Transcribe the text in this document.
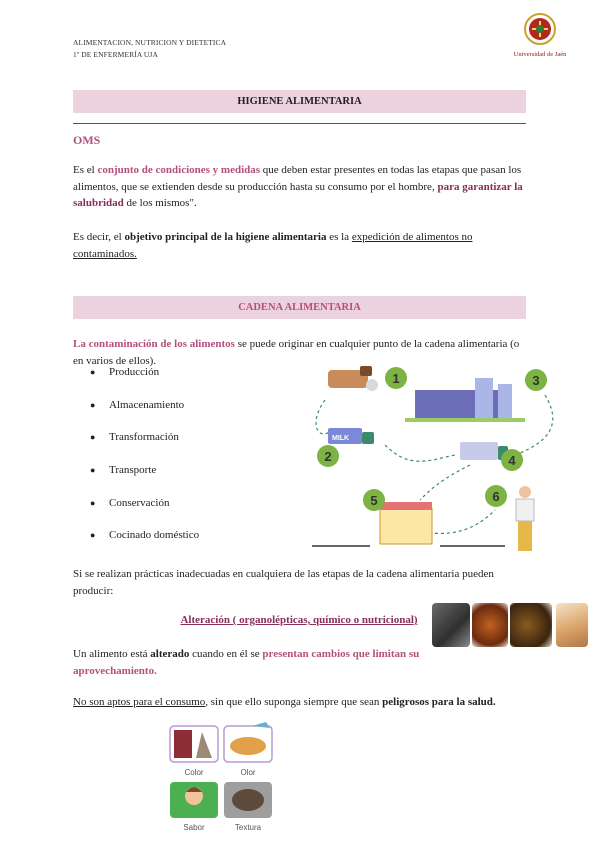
ALIMENTACION, NUTRICION Y DIETETICA
1º DE ENFERMERÍA UJA	Universidad de Jaén
HIGIENE ALIMENTARIA
OMS
Es el conjunto de condiciones y medidas que deben estar presentes en todas las etapas que pasan los alimentos, que se extienden desde su producción hasta su consumo por el hombre, para garantizar la salubridad de los mismos".
Es decir, el objetivo principal de la higiene alimentaria es la expedición de alimentos no contaminados.
CADENA ALIMENTARIA
La contaminación de los alimentos se puede originar en cualquier punto de la cadena alimentaria (o en varios de ellos).
●	Producción
●	Almacenamiento
●	Transformación
●	Transporte
●	Conservación
●	Cocinado doméstico
MILK
1	3
2	4
5	6
Si se realizan prácticas inadecuadas en cualquiera de las etapas de la cadena alimentaria pueden producir:
Alteración ( organolépticas, químico o nutricional)
Un alimento está alterado cuando en él se presentan cambios que limitan su aprovechamiento.
No son aptos para el consumo, sin que ello suponga siempre que sean peligrosos para la salud.
Color	Olor
Sabor	Textura
